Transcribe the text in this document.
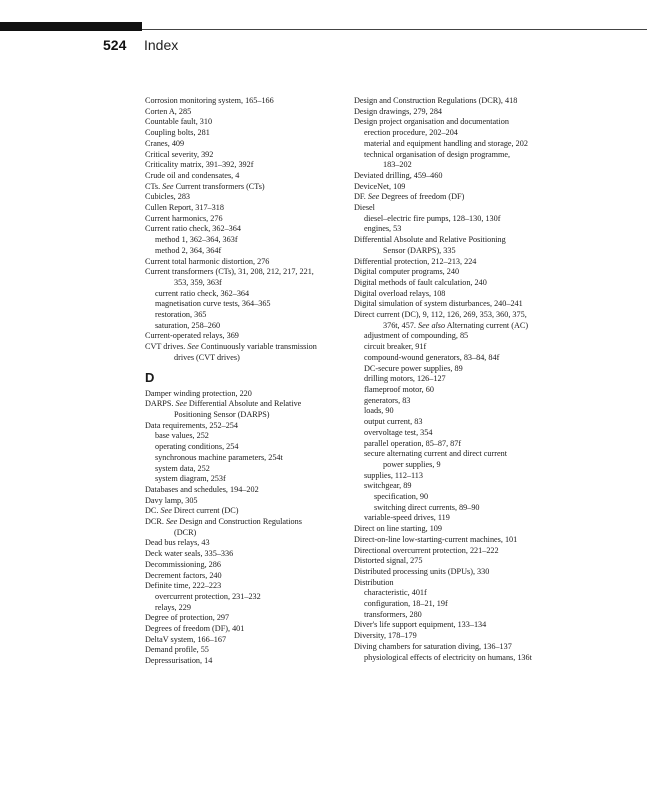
524 Index
Corrosion monitoring system, 165–166
Corten A, 285
Countable fault, 310
Coupling bolts, 281
Cranes, 409
Critical severity, 392
Criticality matrix, 391–392, 392f
Crude oil and condensates, 4
CTs. See Current transformers (CTs)
Cubicles, 283
Cullen Report, 317–318
Current harmonics, 276
Current ratio check, 362–364
method 1, 362–364, 363f
method 2, 364, 364f
Current total harmonic distortion, 276
Current transformers (CTs), 31, 208, 212, 217, 221,
353, 359, 363f
current ratio check, 362–364
magnetisation curve tests, 364–365
restoration, 365
saturation, 258–260
Current-operated relays, 369
CVT drives. See Continuously variable transmission
drives (CVT drives)
D
Damper winding protection, 220
DARPS. See Differential Absolute and Relative
Positioning Sensor (DARPS)
Data requirements, 252–254
base values, 252
operating conditions, 254
synchronous machine parameters, 254t
system data, 252
system diagram, 253f
Databases and schedules, 194–202
Davy lamp, 305
DC. See Direct current (DC)
DCR. See Design and Construction Regulations
(DCR)
Dead bus relays, 43
Deck water seals, 335–336
Decommissioning, 286
Decrement factors, 240
Definite time, 222–223
overcurrent protection, 231–232
relays, 229
Degree of protection, 297
Degrees of freedom (DF), 401
DeltaV system, 166–167
Demand profile, 55
Depressurisation, 14
Design and Construction Regulations (DCR), 418
Design drawings, 279, 284
Design project organisation and documentation
erection procedure, 202–204
material and equipment handling and storage, 202
technical organisation of design programme,
183–202
Deviated drilling, 459–460
DeviceNet, 109
DF. See Degrees of freedom (DF)
Diesel
diesel–electric fire pumps, 128–130, 130f
engines, 53
Differential Absolute and Relative Positioning
Sensor (DARPS), 335
Differential protection, 212–213, 224
Digital computer programs, 240
Digital methods of fault calculation, 240
Digital overload relays, 108
Digital simulation of system disturbances, 240–241
Direct current (DC), 9, 112, 126, 269, 353, 360, 375,
376t, 457. See also Alternating current (AC)
adjustment of compounding, 85
circuit breaker, 91f
compound-wound generators, 83–84, 84f
DC-secure power supplies, 89
drilling motors, 126–127
flameproof motor, 60
generators, 83
loads, 90
output current, 83
overvoltage test, 354
parallel operation, 85–87, 87f
secure alternating current and direct current
power supplies, 9
supplies, 112–113
switchgear, 89
specification, 90
switching direct currents, 89–90
variable-speed drives, 119
Direct on line starting, 109
Direct-on-line low-starting-current machines, 101
Directional overcurrent protection, 221–222
Distorted signal, 275
Distributed processing units (DPUs), 330
Distribution
characteristic, 401f
configuration, 18–21, 19f
transformers, 280
Diver's life support equipment, 133–134
Diversity, 178–179
Diving chambers for saturation diving, 136–137
physiological effects of electricity on humans, 136t
